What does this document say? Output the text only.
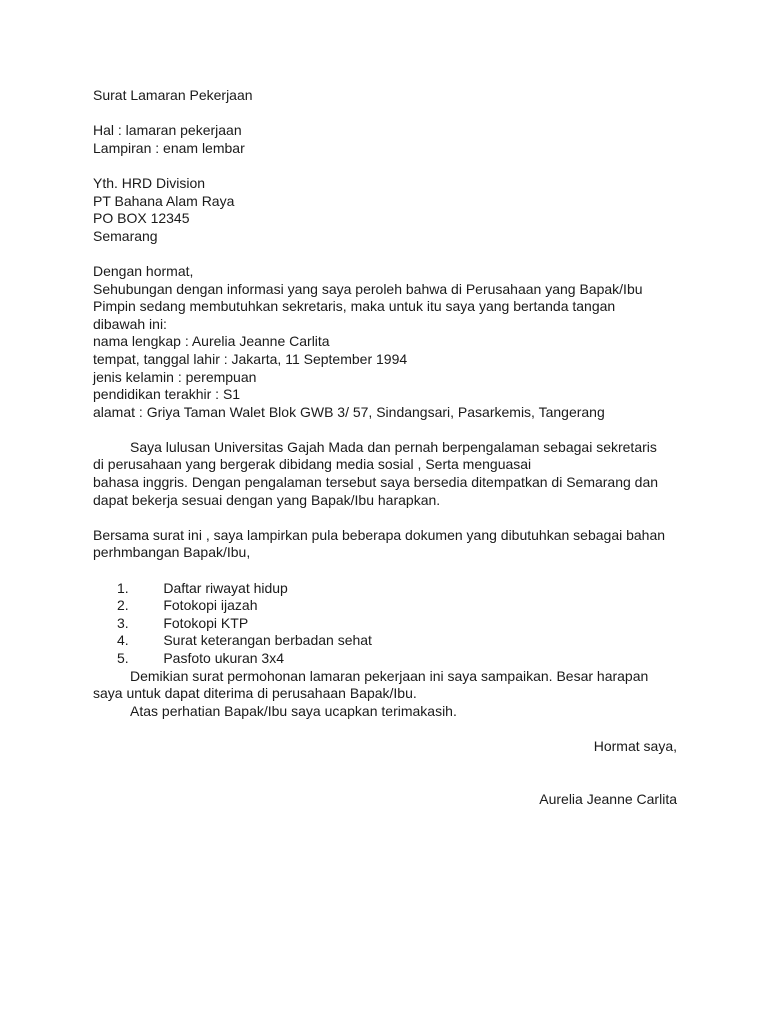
Surat Lamaran Pekerjaan
Hal : lamaran pekerjaan
Lampiran : enam lembar
Yth. HRD Division
PT Bahana Alam Raya
PO BOX 12345
Semarang
Dengan hormat,
Sehubungan dengan informasi yang saya peroleh bahwa di Perusahaan yang Bapak/Ibu
Pimpin sedang membutuhkan sekretaris, maka untuk itu saya yang bertanda tangan
dibawah ini:
nama lengkap : Aurelia Jeanne Carlita
tempat, tanggal lahir : Jakarta, 11 September 1994
jenis kelamin : perempuan
pendidikan terakhir : S1
alamat : Griya Taman Walet Blok GWB 3/ 57, Sindangsari, Pasarkemis, Tangerang
Saya lulusan Universitas Gajah Mada dan pernah berpengalaman sebagai sekretaris
di perusahaan yang bergerak dibidang media sosial , Serta menguasai
bahasa inggris. Dengan pengalaman tersebut saya bersedia ditempatkan di Semarang dan
dapat bekerja sesuai dengan yang Bapak/Ibu harapkan.
Bersama surat ini , saya lampirkan pula beberapa dokumen yang dibutuhkan sebagai bahan
perhmbangan Bapak/Ibu,

1.	Daftar riwayat hidup

2.	Fotokopi ijazah

3.	Fotokopi KTP

4.	Surat keterangan berbadan sehat

5.	Pasfoto ukuran 3x4

Demikian surat permohonan lamaran pekerjaan ini saya sampaikan. Besar harapan
saya untuk dapat diterima di perusahaan Bapak/Ibu.
Atas perhatian Bapak/Ibu saya ucapkan terimakasih.
Hormat saya,
Aurelia Jeanne Carlita
